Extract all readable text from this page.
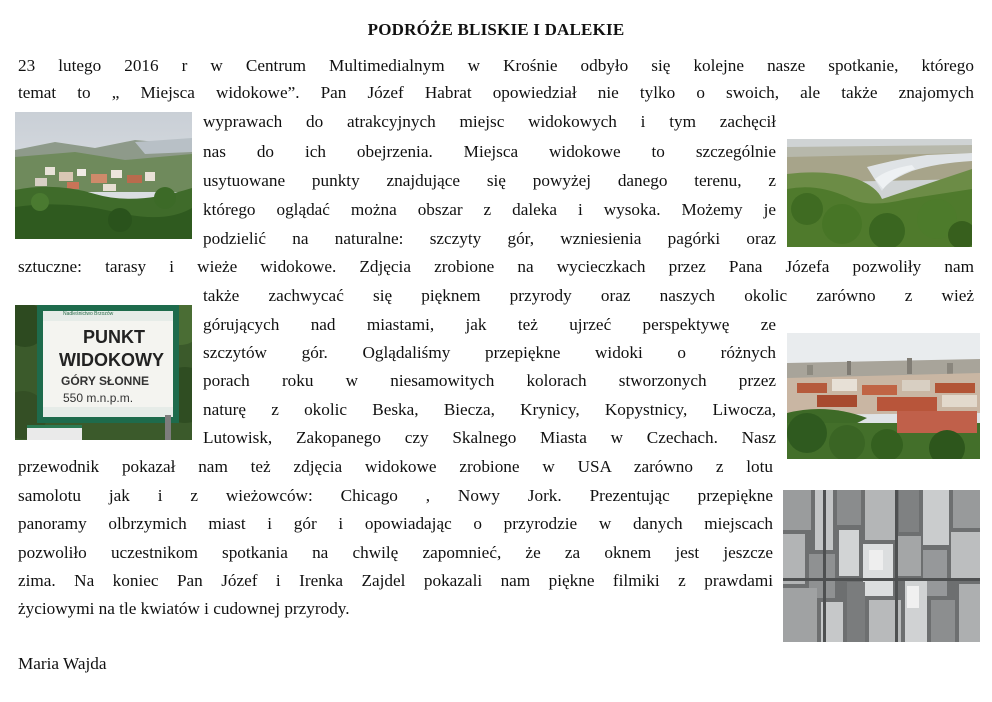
PODRÓŻE BLISKIE I DALEKIE
23 lutego 2016 r w Centrum Multimedialnym w Krośnie odbyło się kolejne nasze spotkanie, którego
temat to „ Miejsca widokowe”. Pan Józef Habrat opowiedział nie tylko o swoich, ale także znajomych
wyprawach do atrakcyjnych miejsc widokowych i tym zachęcił
nas do ich obejrzenia. Miejsca widokowe to szczególnie
usytuowane punkty znajdujące się powyżej danego terenu, z
którego oglądać można obszar z daleka i wysoka. Możemy je
podzielić na naturalne: szczyty gór, wzniesienia pagórki oraz
sztuczne: tarasy i wieże widokowe. Zdjęcia zrobione na wycieczkach przez Pana Józefa pozwoliły nam
także zachwycać się pięknem przyrody oraz naszych okolic zarówno z wież
górujących nad miastami, jak też ujrzeć perspektywę ze
szczytów gór. Oglądaliśmy przepiękne widoki o różnych
porach roku w niesamowitych kolorach stworzonych przez
naturę z okolic Beska, Biecza, Krynicy, Kopystnicy, Liwocza,
Lutowisk, Zakopanego czy Skalnego Miasta w Czechach. Nasz
przewodnik pokazał nam też zdjęcia widokowe zrobione w USA zarówno z lotu
samolotu jak i z wieżowców: Chicago , Nowy Jork. Prezentując przepiękne
panoramy olbrzymich miast i gór i opowiadając o przyrodzie w danych miejscach
pozwoliło uczestnikom spotkania na chwilę zapomnieć, że za oknem jest jeszcze
zima. Na koniec Pan Józef i Irenka Zajdel pokazali nam piękne filmiki z prawdami
życiowymi na tle kwiatów i cudownej przyrody.
Maria Wajda
Nadleśnictwo Brzozów
PUNKT
WIDOKOWY
GÓRY SŁONNE
550 m.n.p.m.
